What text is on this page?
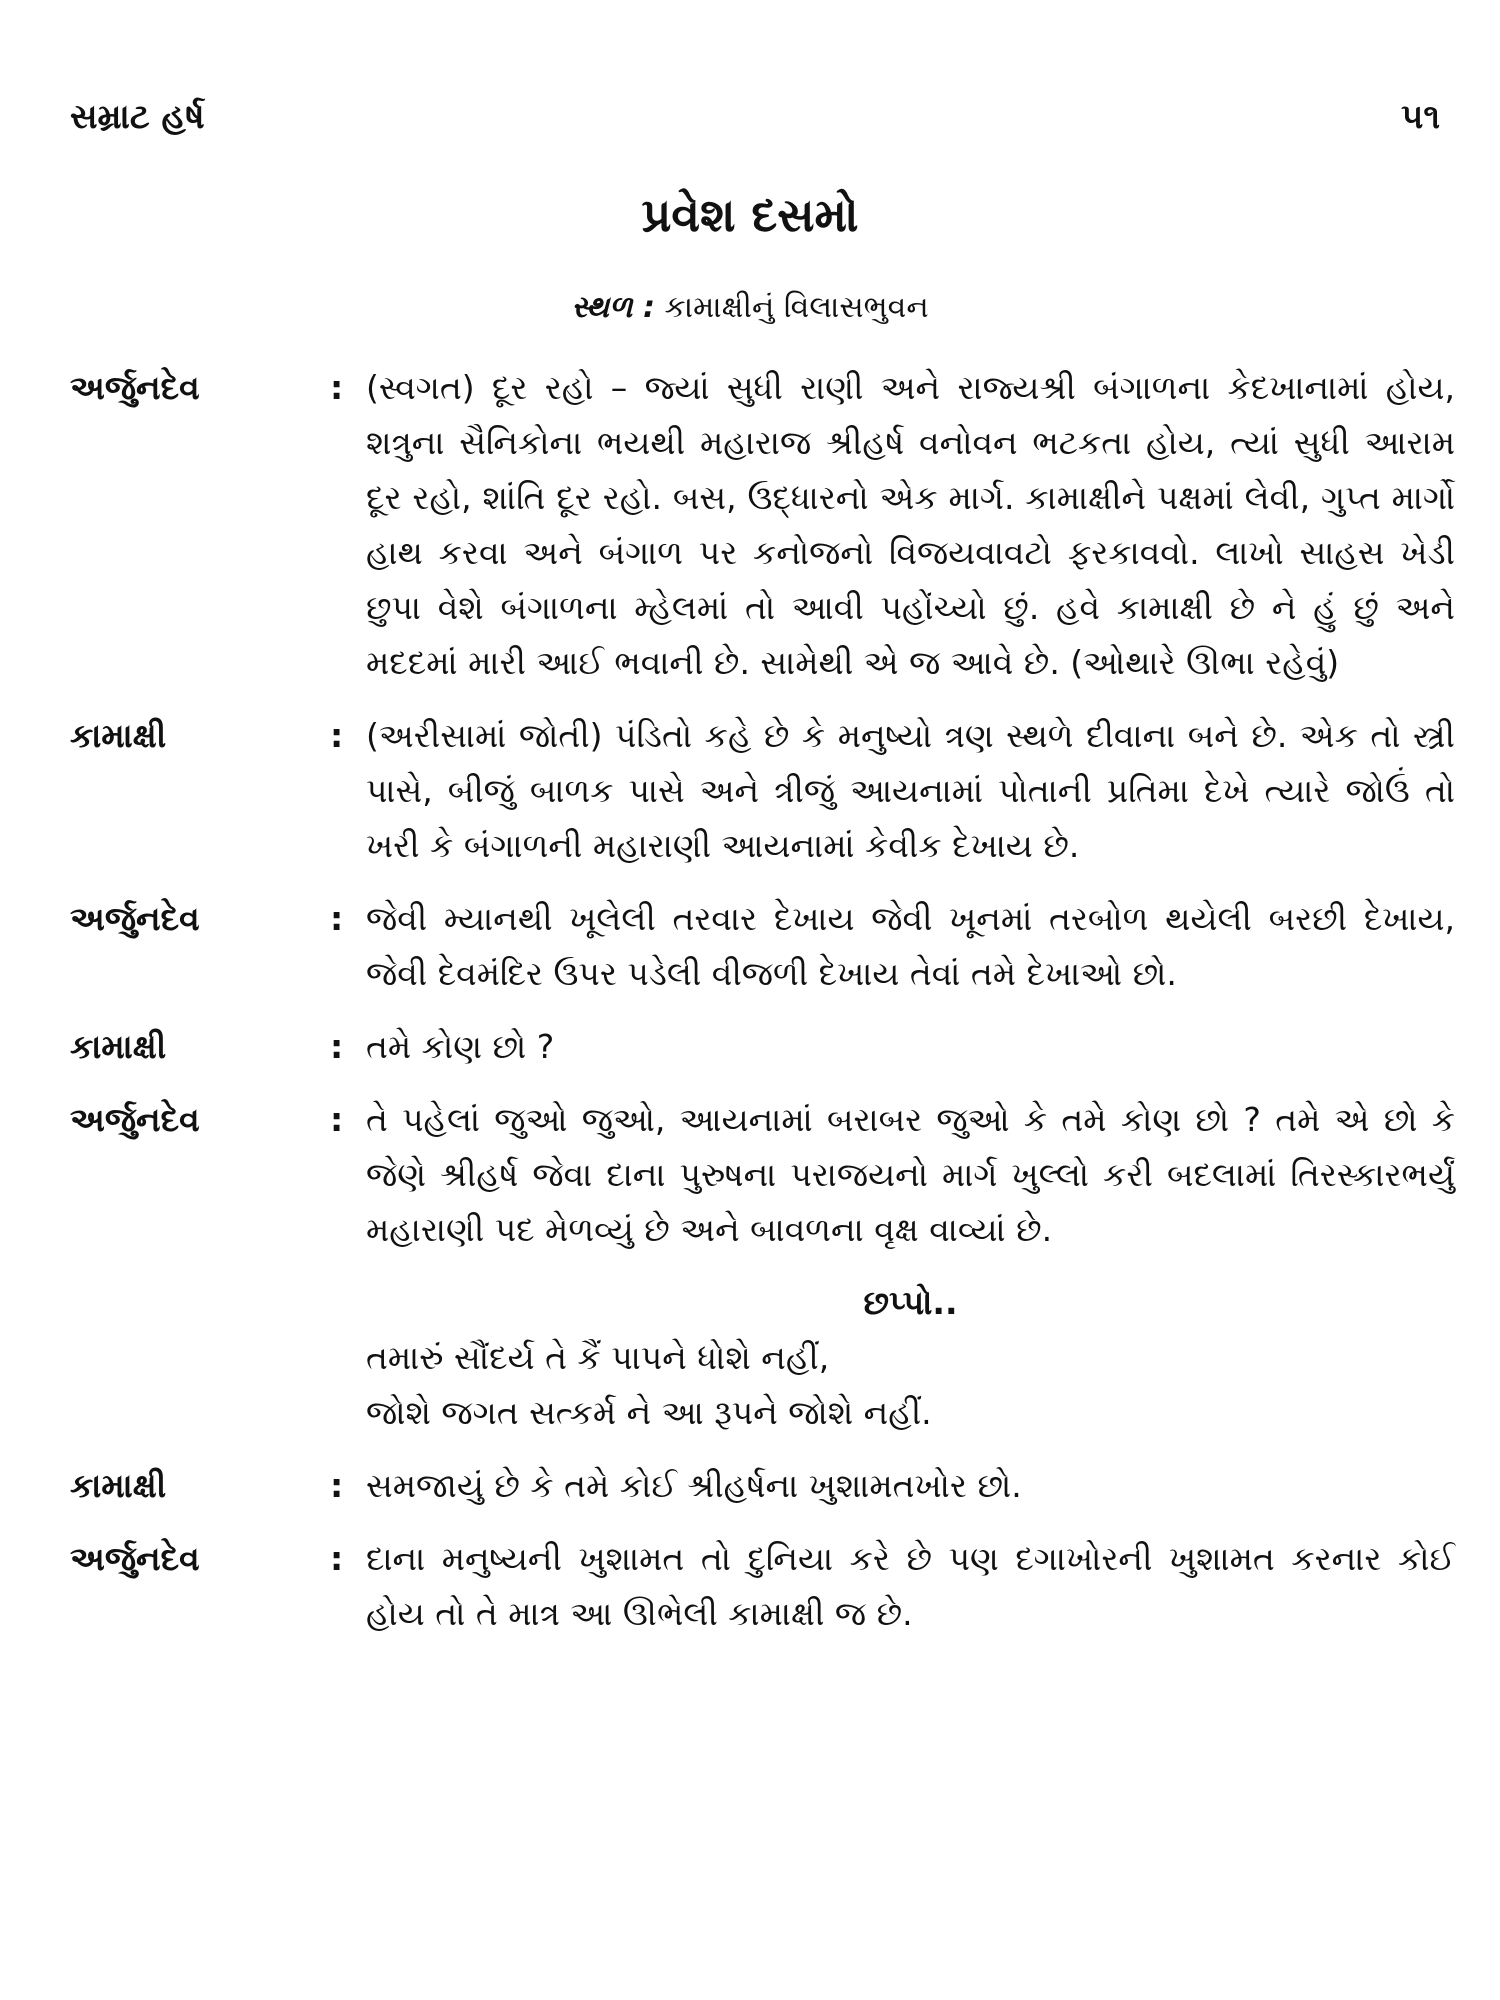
સમ્રાટ હર્ષ	૫૧
પ્રવેશ દસમો
સ્થળ : કામાક્ષીનું વિલાસભુવન
અર્જુનદેવ	: (સ્વગત) દૂર રહો – જ્યાં સુધી રાણી અને રાજ્યશ્રી બંગાળના કેદખાનામાં હોય, શત્રુના સૈનિકોના ભયથી મહારાજ શ્રીહર્ષ વનોવન ભટકતા હોય, ત્યાં સુધી આરામ દૂર રહો, શાંતિ દૂર રહો. બસ, ઉદ્ધારનો એક માર્ગ. કામાક્ષીને પક્ષમાં લેવી, ગુપ્ત માર્ગો હાથ કરવા અને બંગાળ પર કનોજનો વિજયવાવટો ફરકાવવો. લાખો સાહસ ખેડી છુપા વેશે બંગાળના મ્હેલમાં તો આવી પહોંચ્યો છું. હવે કામાક્ષી છે ને હું છું અને મદદમાં મારી આઈ ભવાની છે. સામેથી એ જ આવે છે. (ઓથારે ઊભા રહેવું)
કામાક્ષી	: (અરીસામાં જોતી) પંડિતો કહે છે કે મનુષ્યો ત્રણ સ્થળે દીવાના બને છે. એક તો સ્ત્રી પાસે, બીજું બાળક પાસે અને ત્રીજું આયનામાં પોતાની પ્રતિમા દેખે ત્યારે જોઉં તો ખરી કે બંગાળની મહારાણી આયનામાં કેવીક દેખાય છે.
અર્જુનદેવ	: જેવી મ્યાનથી ખૂલેલી તરવાર દેખાય જેવી ખૂનમાં તરબોળ થયેલી બરછી દેખાય, જેવી દેવમંદિર ઉપર પડેલી વીજળી દેખાય તેવાં તમે દેખાઓ છો.
કામાક્ષી	: તમે કોણ છો ?
અર્જુનદેવ	: તે પહેલાં જુઓ જુઓ, આયનામાં બરાબર જુઓ કે તમે કોણ છો ? તમે એ છો કે જેણે શ્રીહર્ષ જેવા દાના પુરુષના પરાજયનો માર્ગ ખુલ્લો કરી બદલામાં તિરસ્કારભર્યું મહારાણી પદ મેળવ્યું છે અને બાવળના વૃક્ષ વાવ્યાં છે.
છપ્પો..
તમારું સૌંદર્ય તે કૈં પાપને ધોશે નહીં,
જોશે જગત સત્કર્મ ને આ રૂપને જોશે નહીં.
કામાક્ષી	: સમજાયું છે કે તમે કોઈ શ્રીહર્ષના ખુશામતખોર છો.
અર્જુનદેવ	: દાના મનુષ્યની ખુશામત તો દુનિયા કરે છે પણ દગાખોરની ખુશામત કરનાર કોઈ હોય તો તે માત્ર આ ઊભેલી કામાક્ષી જ છે.
